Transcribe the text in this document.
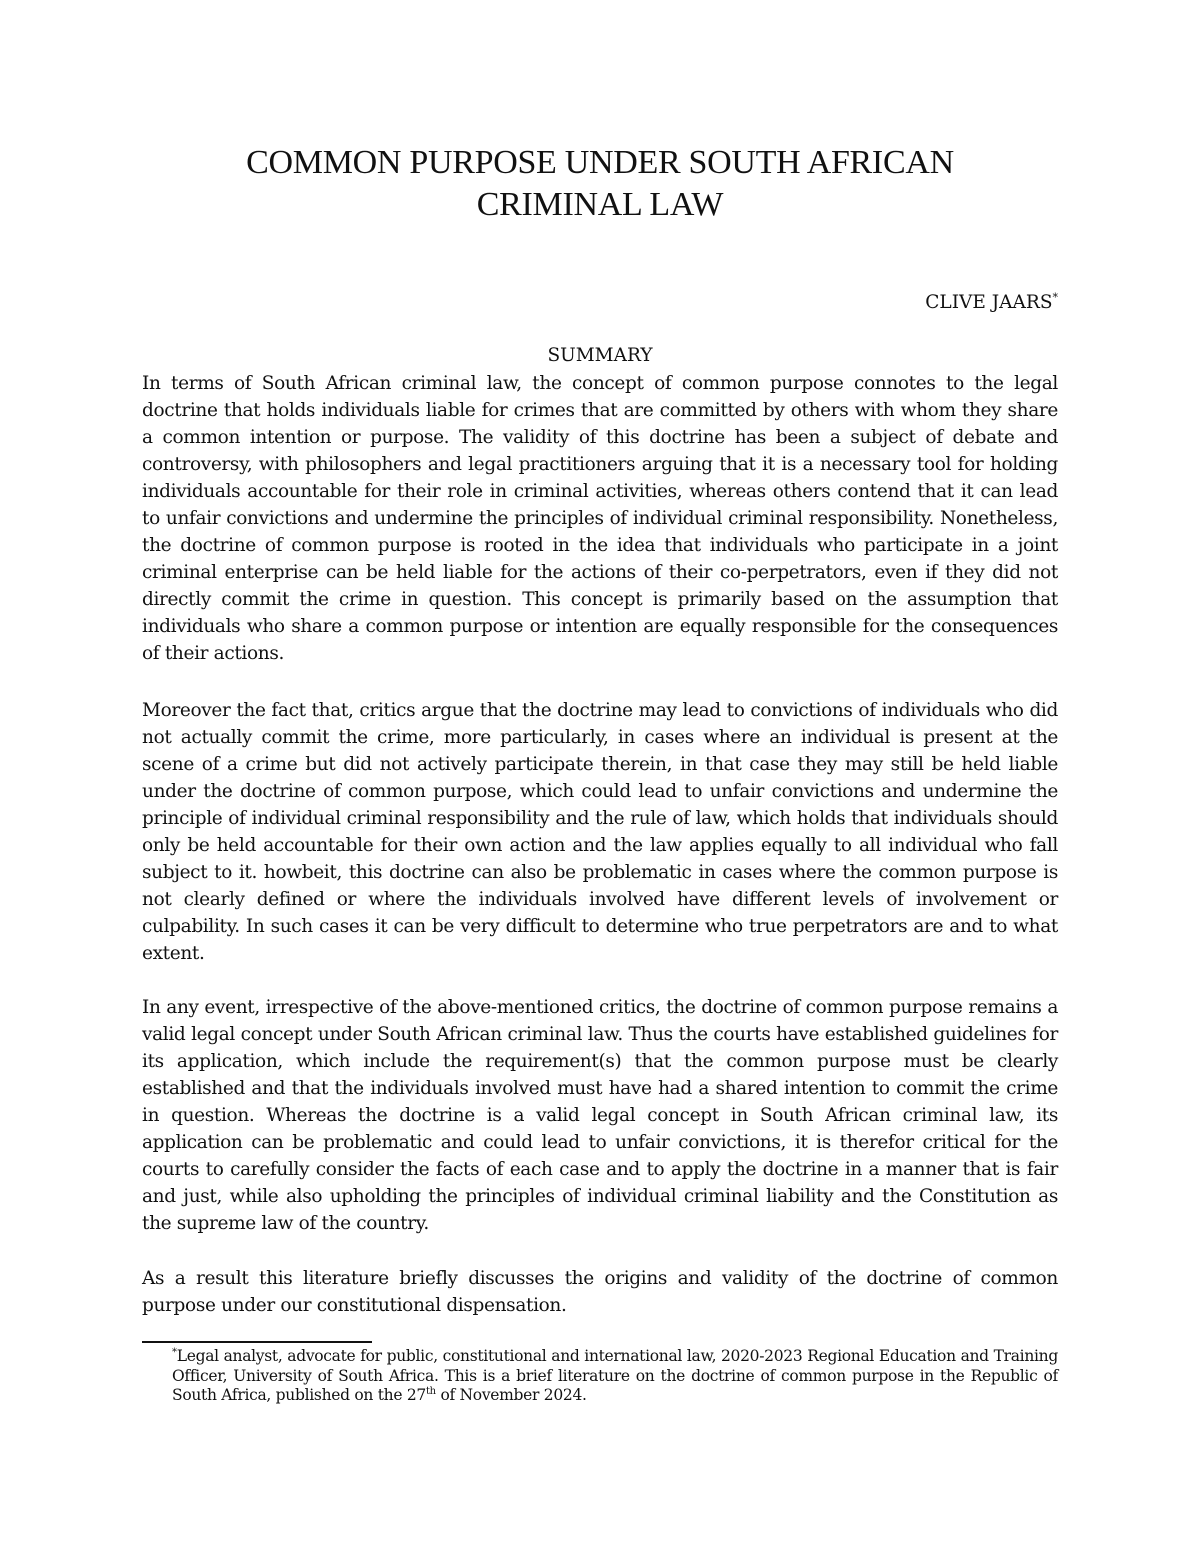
COMMON PURPOSE UNDER SOUTH AFRICAN
CRIMINAL LAW
CLIVE JAARS*
SUMMARY

In terms of South African criminal law, the concept of common purpose connotes to the legal doctrine that holds individuals liable for crimes that are committed by others with whom they share a common intention or purpose. The validity of this doctrine has been a subject of debate and controversy, with philosophers and legal practitioners arguing that it is a necessary tool for holding individuals accountable for their role in criminal activities, whereas others contend that it can lead to unfair convictions and undermine the principles of individual criminal responsibility. Nonetheless, the doctrine of common purpose is rooted in the idea that individuals who participate in a joint criminal enterprise can be held liable for the actions of their co-perpetrators, even if they did not directly commit the crime in question. This concept is primarily based on the assumption that individuals who share a common purpose or intention are equally responsible for the consequences of their actions.

Moreover the fact that, critics argue that the doctrine may lead to convictions of individuals who did not actually commit the crime, more particularly, in cases where an individual is present at the scene of a crime but did not actively participate therein, in that case they may still be held liable under the doctrine of common purpose, which could lead to unfair convictions and undermine the principle of individual criminal responsibility and the rule of law, which holds that individuals should only be held accountable for their own action and the law applies equally to all individual who fall subject to it. howbeit, this doctrine can also be problematic in cases where the common purpose is not clearly defined or where the individuals involved have different levels of involvement or culpability. In such cases it can be very difficult to determine who true perpetrators are and to what extent.

In any event, irrespective of the above-mentioned critics, the doctrine of common purpose remains a valid legal concept under South African criminal law. Thus the courts have established guidelines for its application, which include the requirement(s) that the common purpose must be clearly established and that the individuals involved must have had a shared intention to commit the crime in question. Whereas the doctrine is a valid legal concept in South African criminal law, its application can be problematic and could lead to unfair convictions, it is therefor critical for the courts to carefully consider the facts of each case and to apply the doctrine in a manner that is fair and just, while also upholding the principles of individual criminal liability and the Constitution as the supreme law of the country.

As a result this literature briefly discusses the origins and validity of the doctrine of common purpose under our constitutional dispensation.

*Legal analyst, advocate for public, constitutional and international law, 2020-2023 Regional Education and Training Officer, University of South Africa. This is a brief literature on the doctrine of common purpose in the Republic of South Africa, published on the 27th of November 2024.
